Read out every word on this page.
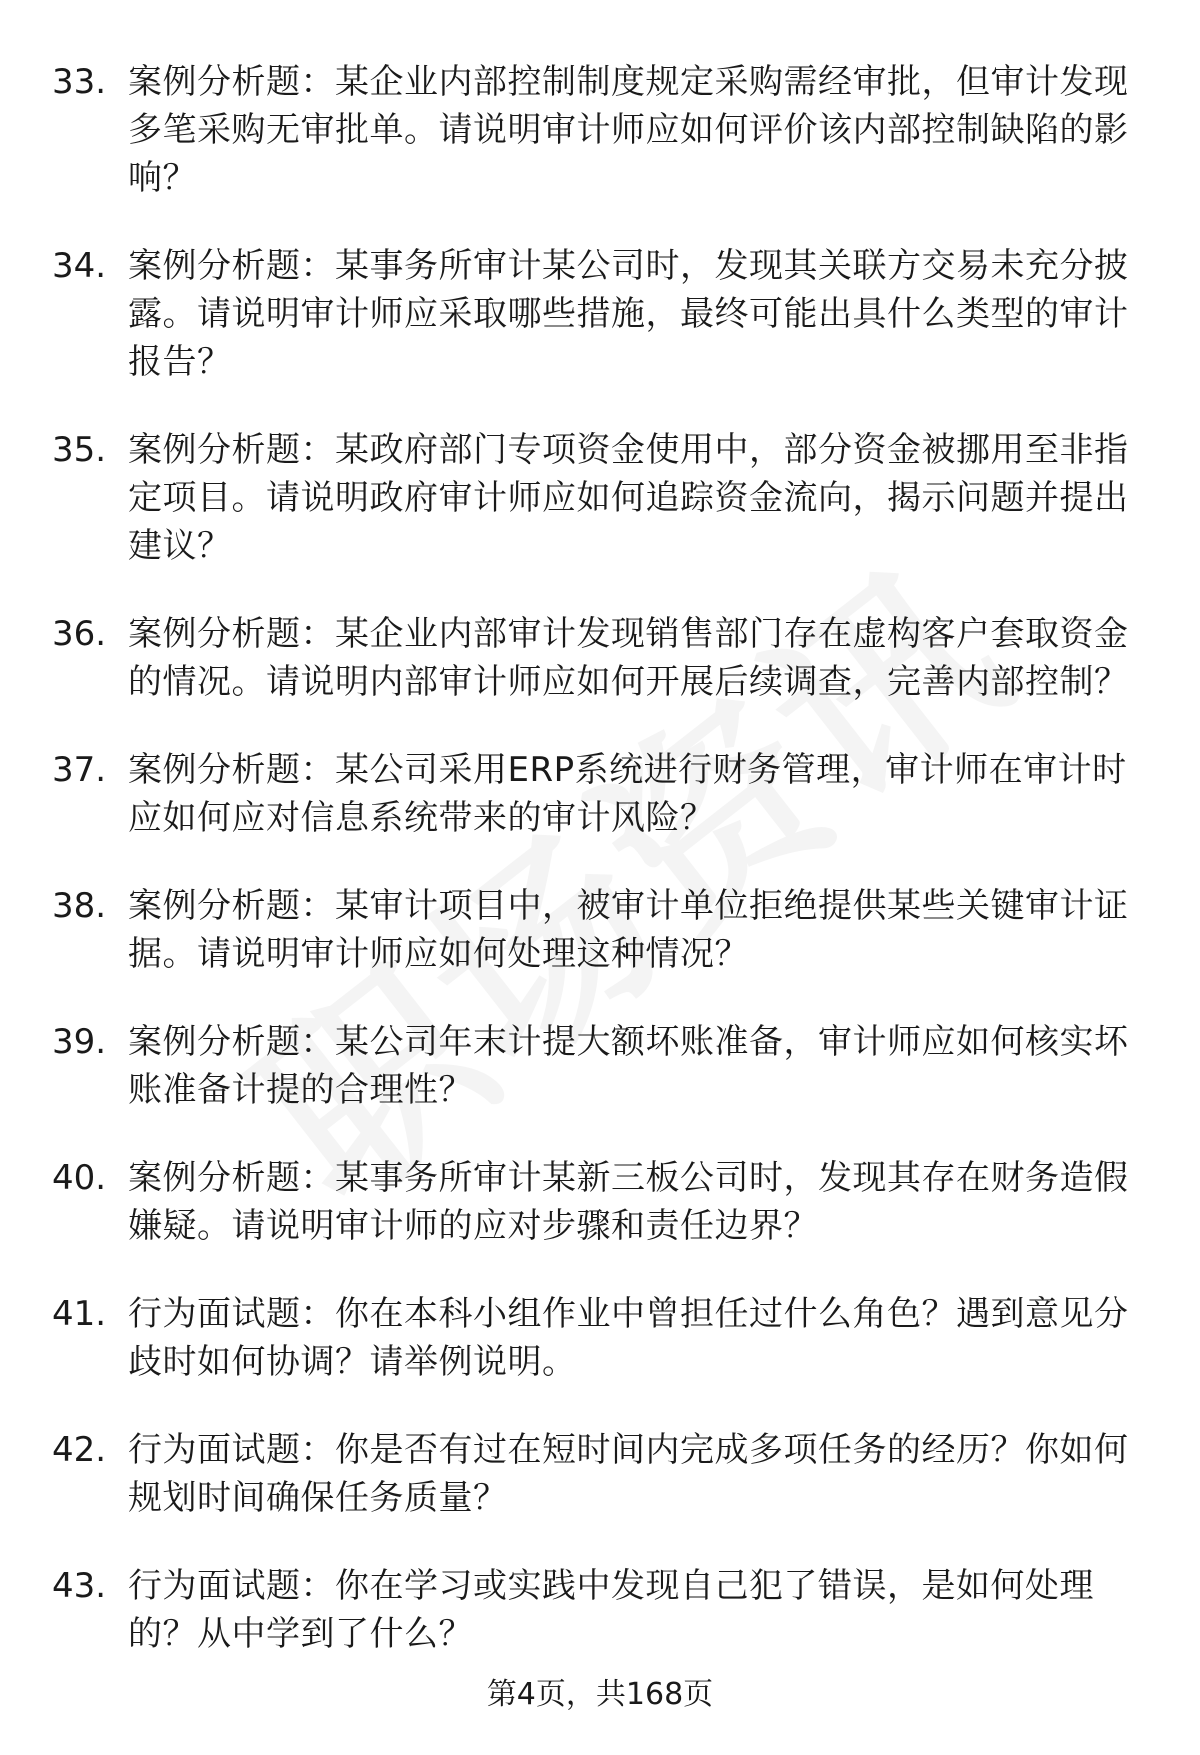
33. 案例分析题：某企业内部控制制度规定采购需经审批，但审计发现多笔采购无审批单。请说明审计师应如何评价该内部控制缺陷的影响？
34. 案例分析题：某事务所审计某公司时，发现其关联方交易未充分披露。请说明审计师应采取哪些措施，最终可能出具什么类型的审计报告？
35. 案例分析题：某政府部门专项资金使用中，部分资金被挪用至非指定项目。请说明政府审计师应如何追踪资金流向，揭示问题并提出建议？
36. 案例分析题：某企业内部审计发现销售部门存在虚构客户套取资金的情况。请说明内部审计师应如何开展后续调查，完善内部控制？
37. 案例分析题：某公司采用ERP系统进行财务管理，审计师在审计时应如何应对信息系统带来的审计风险？
38. 案例分析题：某审计项目中，被审计单位拒绝提供某些关键审计证据。请说明审计师应如何处理这种情况？
39. 案例分析题：某公司年末计提大额坏账准备，审计师应如何核实坏账准备计提的合理性？
40. 案例分析题：某事务所审计某新三板公司时，发现其存在财务造假嫌疑。请说明审计师的应对步骤和责任边界？
41. 行为面试题：你在本科小组作业中曾担任过什么角色？遇到意见分歧时如何协调？请举例说明。
42. 行为面试题：你是否有过在短时间内完成多项任务的经历？你如何规划时间确保任务质量？
43. 行为面试题：你在学习或实践中发现自己犯了错误，是如何处理的？从中学到了什么？
第4页，共168页
